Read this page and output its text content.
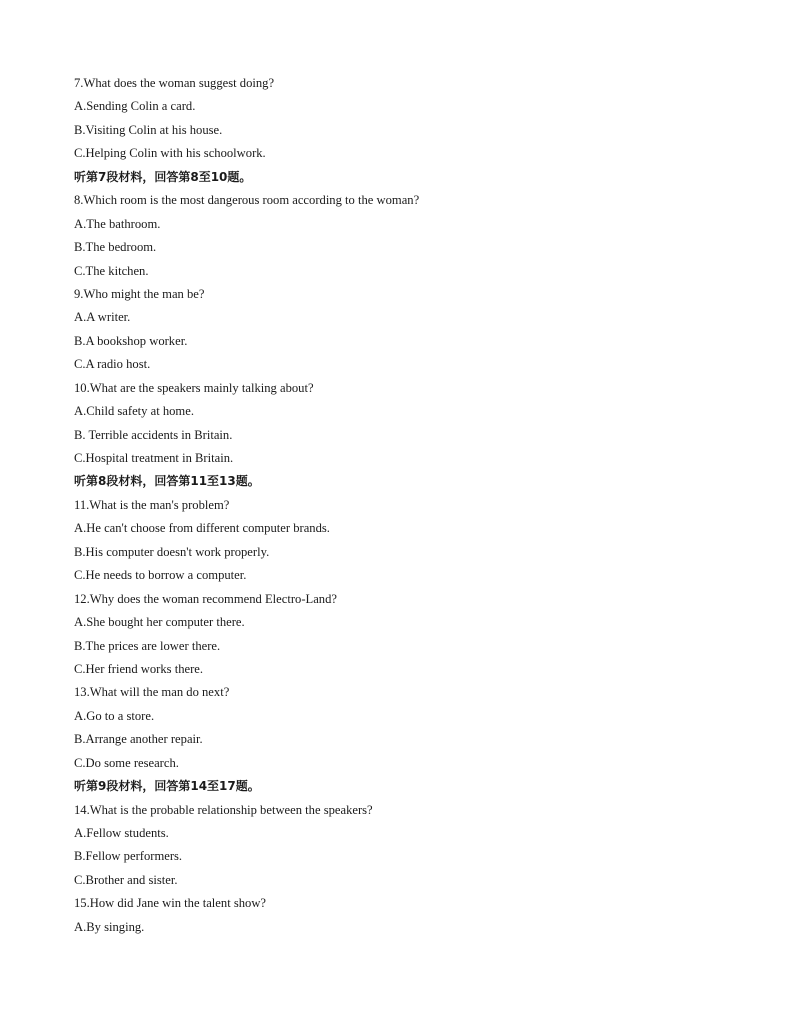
7.What does the woman suggest doing?
A.Sending Colin a card.
B.Visiting Colin at his house.
C.Helping Colin with his schoolwork.
听第7段材料，回答第8至10题。
8.Which room is the most dangerous room according to the woman?
A.The bathroom.
B.The bedroom.
C.The kitchen.
9.Who might the man be?
A.A writer.
B.A bookshop worker.
C.A radio host.
10.What are the speakers mainly talking about?
A.Child safety at home.
B. Terrible accidents in Britain.
C.Hospital treatment in Britain.
听第8段材料，回答第11至13题。
11.What is the man's problem?
A.He can't choose from different computer brands.
B.His computer doesn't work properly.
C.He needs to borrow a computer.
12.Why does the woman recommend Electro-Land?
A.She bought her computer there.
B.The prices are lower there.
C.Her friend works there.
13.What will the man do next?
A.Go to a store.
B.Arrange another repair.
C.Do some research.
听第9段材料，回答第14至17题。
14.What is the probable relationship between the speakers?
A.Fellow students.
B.Fellow performers.
C.Brother and sister.
15.How did Jane win the talent show?
A.By singing.
